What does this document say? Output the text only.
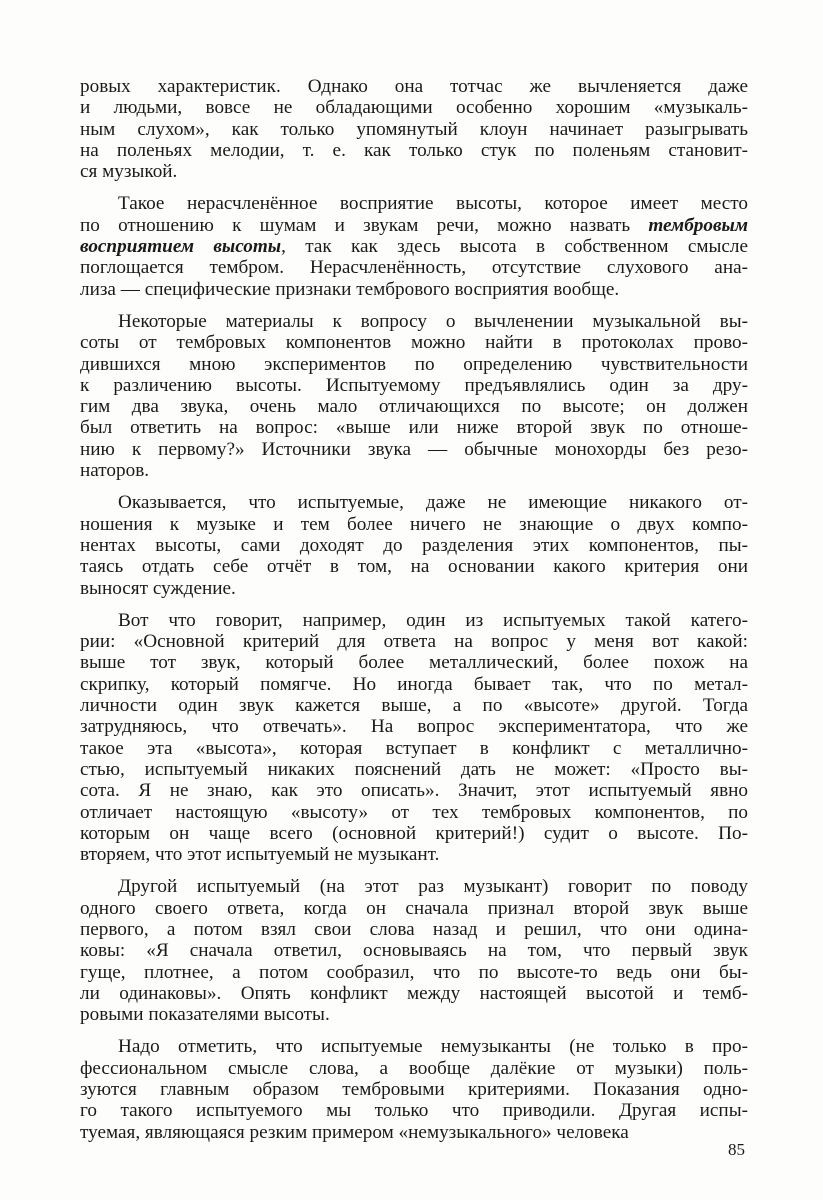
ровых характеристик. Однако она тотчас же вычленяется даже
и людьми, вовсе не обладающими особенно хорошим «музыкаль-
ным слухом», как только упомянутый клоун начинает разыгрывать
на поленьях мелодии, т. е. как только стук по поленьям становит-
ся музыкой.
Такое нерасчленённое восприятие высоты, которое имеет место
по отношению к шумам и звукам речи, можно назвать тембровым
восприятием высоты, так как здесь высота в собственном смысле
поглощается тембром. Нерасчленённость, отсутствие слухового ана-
лиза — специфические признаки тембрового восприятия вообще.
Некоторые материалы к вопросу о вычленении музыкальной вы-
соты от тембровых компонентов можно найти в протоколах прово-
дившихся мною экспериментов по определению чувствительности
к различению высоты. Испытуемому предъявлялись один за дру-
гим два звука, очень мало отличающихся по высоте; он должен
был ответить на вопрос: «выше или ниже второй звук по отноше-
нию к первому?» Источники звука — обычные монохорды без резо-
наторов.
Оказывается, что испытуемые, даже не имеющие никакого от-
ношения к музыке и тем более ничего не знающие о двух компо-
нентах высоты, сами доходят до разделения этих компонентов, пы-
таясь отдать себе отчёт в том, на основании какого критерия они
выносят суждение.
Вот что говорит, например, один из испытуемых такой катего-
рии: «Основной критерий для ответа на вопрос у меня вот какой:
выше тот звук, который более металлический, более похож на
скрипку, который помягче. Но иногда бывает так, что по метал-
личности один звук кажется выше, а по «высоте» другой. Тогда
затрудняюсь, что отвечать». На вопрос экспериментатора, что же
такое эта «высота», которая вступает в конфликт с металлично-
стью, испытуемый никаких пояснений дать не может: «Просто вы-
сота. Я не знаю, как это описать». Значит, этот испытуемый явно
отличает настоящую «высоту» от тех тембровых компонентов, по
которым он чаще всего (основной критерий!) судит о высоте. По-
вторяем, что этот испытуемый не музыкант.
Другой испытуемый (на этот раз музыкант) говорит по поводу
одного своего ответа, когда он сначала признал второй звук выше
первого, а потом взял свои слова назад и решил, что они одина-
ковы: «Я сначала ответил, основываясь на том, что первый звук
гуще, плотнее, а потом сообразил, что по высоте-то ведь они бы-
ли одинаковы». Опять конфликт между настоящей высотой и темб-
ровыми показателями высоты.
Надо отметить, что испытуемые немузыканты (не только в про-
фессиональном смысле слова, а вообще далёкие от музыки) поль-
зуются главным образом тембровыми критериями. Показания одно-
го такого испытуемого мы только что приводили. Другая испы-
туемая, являющаяся резким примером «немузыкального» человека
85
